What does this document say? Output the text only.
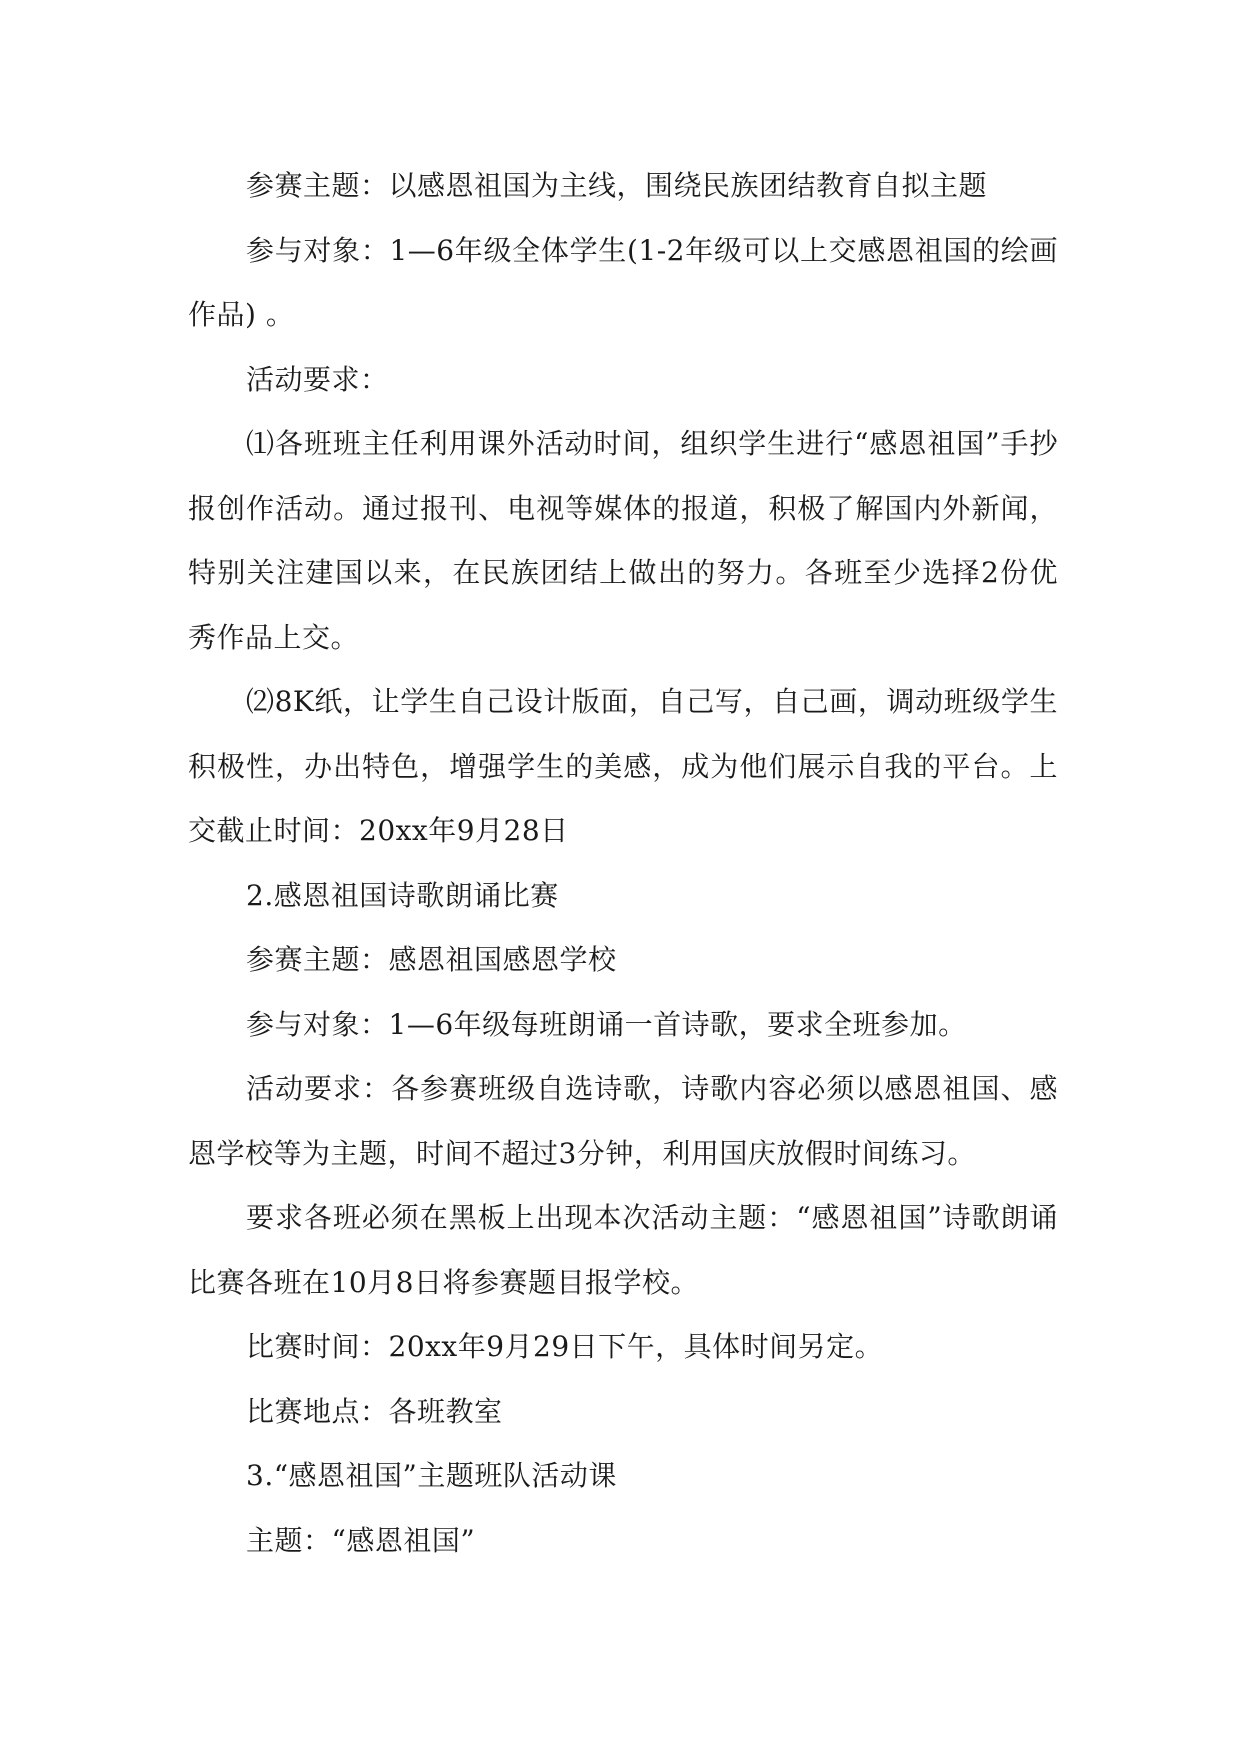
参赛主题：以感恩祖国为主线，围绕民族团结教育自拟主题

参与对象：1—6年级全体学生(1-2年级可以上交感恩祖国的绘画作品) 。

活动要求：

⑴各班班主任利用课外活动时间，组织学生进行“感恩祖国”手抄报创作活动。通过报刊、电视等媒体的报道，积极了解国内外新闻，特别关注建国以来，在民族团结上做出的努力。各班至少选择2份优秀作品上交。

⑵8K纸，让学生自己设计版面，自己写，自己画，调动班级学生积极性，办出特色，增强学生的美感，成为他们展示自我的平台。上交截止时间：20xx年9月28日

2.感恩祖国诗歌朗诵比赛

参赛主题：感恩祖国感恩学校

参与对象：1—6年级每班朗诵一首诗歌，要求全班参加。

活动要求：各参赛班级自选诗歌，诗歌内容必须以感恩祖国、感恩学校等为主题，时间不超过3分钟，利用国庆放假时间练习。

要求各班必须在黑板上出现本次活动主题：“感恩祖国”诗歌朗诵比赛各班在10月8日将参赛题目报学校。

比赛时间：20xx年9月29日下午，具体时间另定。

比赛地点：各班教室

3.“感恩祖国”主题班队活动课

主题：“感恩祖国”
